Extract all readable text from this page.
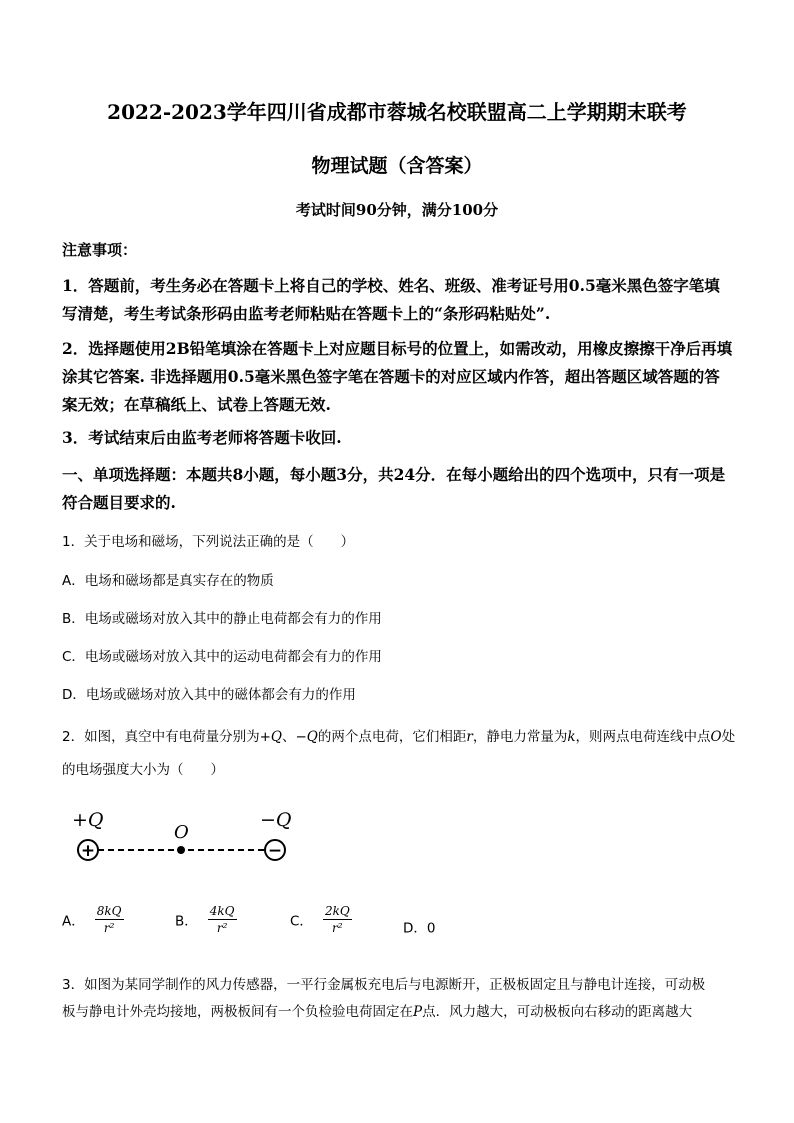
2022-2023学年四川省成都市蓉城名校联盟高二上学期期末联考
物理试题（含答案）
考试时间90分钟，满分100分
注意事项：
1．答题前，考生务必在答题卡上将自己的学校、姓名、班级、准考证号用0.5毫米黑色签字笔填写清楚，考生考试条形码由监考老师粘贴在答题卡上的“条形码粘贴处”.
2．选择题使用2B铅笔填涂在答题卡上对应题目标号的位置上，如需改动，用橡皮擦擦干净后再填涂其它答案. 非选择题用0.5毫米黑色签字笔在答题卡的对应区域内作答，超出答题区域答题的答案无效；在草稿纸上、试卷上答题无效.
3．考试结束后由监考老师将答题卡收回.
一、单项选择题：本题共8小题，每小题3分，共24分．在每小题给出的四个选项中，只有一项是符合题目要求的.
1．关于电场和磁场，下列说法正确的是（　　）
A．电场和磁场都是真实存在的物质
B．电场或磁场对放入其中的静止电荷都会有力的作用
C．电场或磁场对放入其中的运动电荷都会有力的作用
D．电场或磁场对放入其中的磁体都会有力的作用
2．如图，真空中有电荷量分别为+Q、−Q的两个点电荷，它们相距r，静电力常量为k，则两点电荷连线中点O处的电场强度大小为（　　）
+Q
O
−Q
+	−
A． $\frac{8kQ}{\text{r²}}$	B． $\frac{4kQ}{\text{r²}}$	C． $\frac{2kQ}{\text{r²}}$	D．0
3．如图为某同学制作的风力传感器，一平行金属板充电后与电源断开，正极板固定且与静电计连接，可动极
板与静电计外壳均接地，两极板间有一个负检验电荷固定在P点．风力越大，可动极板向右移动的距离越大
